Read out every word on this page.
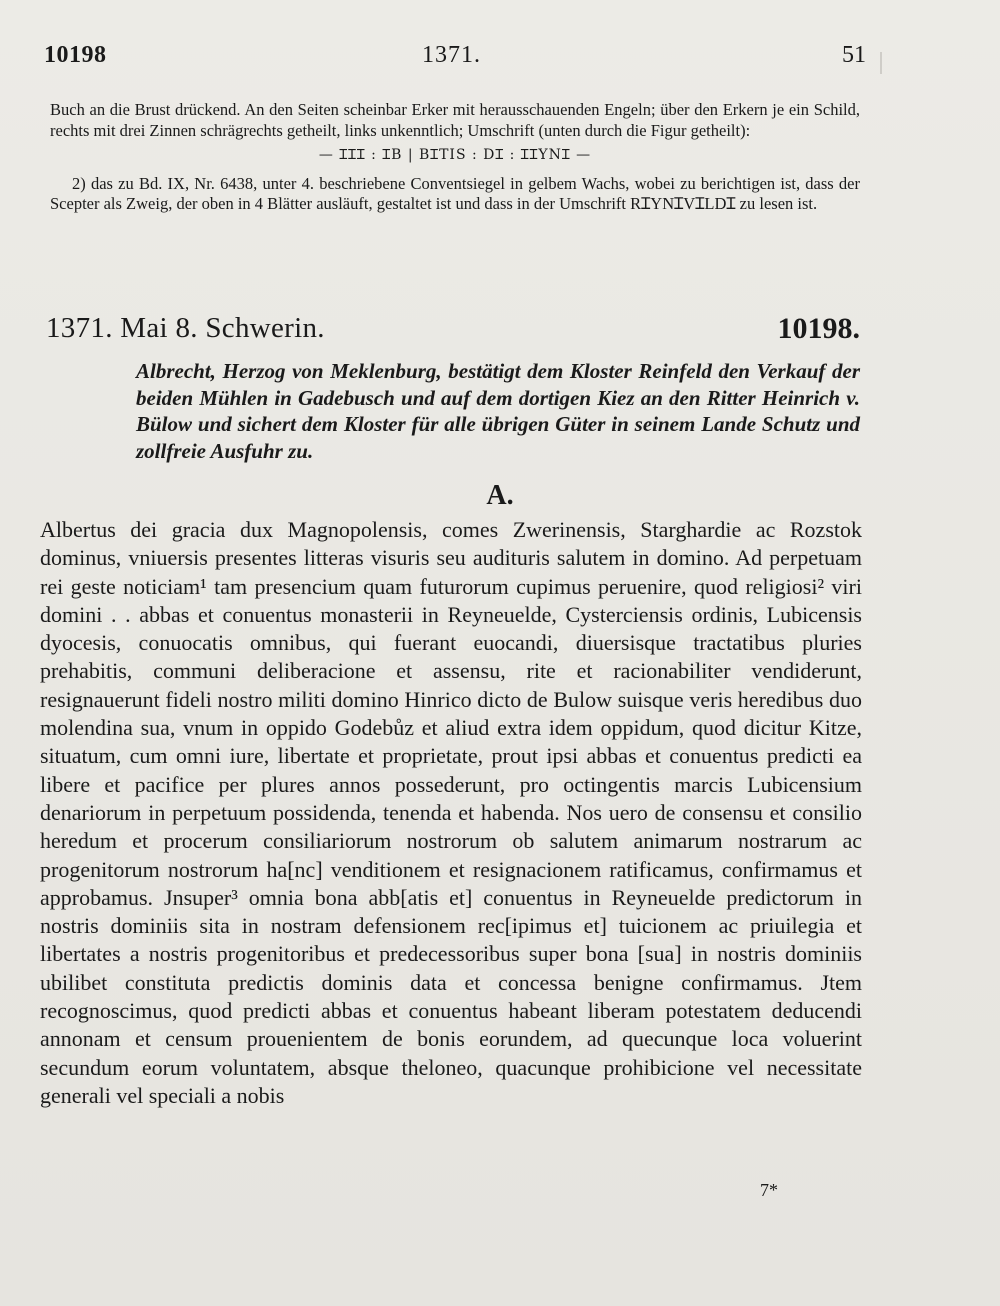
10198	1371.	51

Buch an die Brust drückend. An den Seiten scheinbar Erker mit herausschauenden Engeln; über den Erkern je ein Schild, rechts mit drei Zinnen schrägrechts getheilt, links unkenntlich; Umschrift (unten durch die Figur getheilt):

— ꞮꞮꞮ : ꞮB | BꞮTIS : DꞮ : ꞮꞮYNꞮ —

2) das zu Bd. IX, Nr. 6438, unter 4. beschriebene Conventsiegel in gelbem Wachs, wobei zu berichtigen ist, dass der Scepter als Zweig, der oben in 4 Blätter ausläuft, gestaltet ist und dass in der Umschrift RꞮYNꞮVꞮLDꞮ zu lesen ist.

1371. Mai 8. Schwerin.	10198.

Albrecht, Herzog von Meklenburg, bestätigt dem Kloster Reinfeld den Verkauf der beiden Mühlen in Gadebusch und auf dem dortigen Kiez an den Ritter Heinrich v. Bülow und sichert dem Kloster für alle übrigen Güter in seinem Lande Schutz und zollfreie Ausfuhr zu.

A.

Albertus dei gracia dux Magnopolensis, comes Zwerinensis, Starghardie ac Rozstok dominus, vniuersis presentes litteras visuris seu audituris salutem in domino. Ad perpetuam rei geste noticiam¹ tam presencium quam futurorum cupimus peruenire, quod religiosi² viri domini . . abbas et conuentus monasterii in Reyneuelde, Cysterciensis ordinis, Lubicensis dyocesis, conuocatis omnibus, qui fuerant euocandi, diuersisque tractatibus pluries prehabitis, communi deliberacione et assensu, rite et racionabiliter vendiderunt, resignauerunt fideli nostro militi domino Hinrico dicto de Bulow suisque veris heredibus duo molendina sua, vnum in oppido Godebůz et aliud extra idem oppidum, quod dicitur Kitze, situatum, cum omni iure, libertate et proprietate, prout ipsi abbas et conuentus predicti ea libere et pacifice per plures annos possederunt, pro octingentis marcis Lubicensium denariorum in perpetuum possidenda, tenenda et habenda. Nos uero de consensu et consilio heredum et procerum consiliariorum nostrorum ob salutem animarum nostrarum ac progenitorum nostrorum ha[nc] venditionem et resignacionem ratificamus, confirmamus et approbamus. Jnsuper³ omnia bona abb[atis et] conuentus in Reyneuelde predictorum in nostris dominiis sita in nostram defensionem rec[ipimus et] tuicionem ac priuilegia et libertates a nostris progenitoribus et predecessoribus super bona [sua] in nostris dominiis ubilibet constituta predictis dominis data et concessa benigne confirmamus. Jtem recognoscimus, quod predicti abbas et conuentus habeant liberam potestatem deducendi annonam et censum prouenientem de bonis eorundem, ad quecunque loca voluerint secundum eorum voluntatem, absque theloneo, quacunque prohibicione vel necessitate generali vel speciali a nobis

7*
